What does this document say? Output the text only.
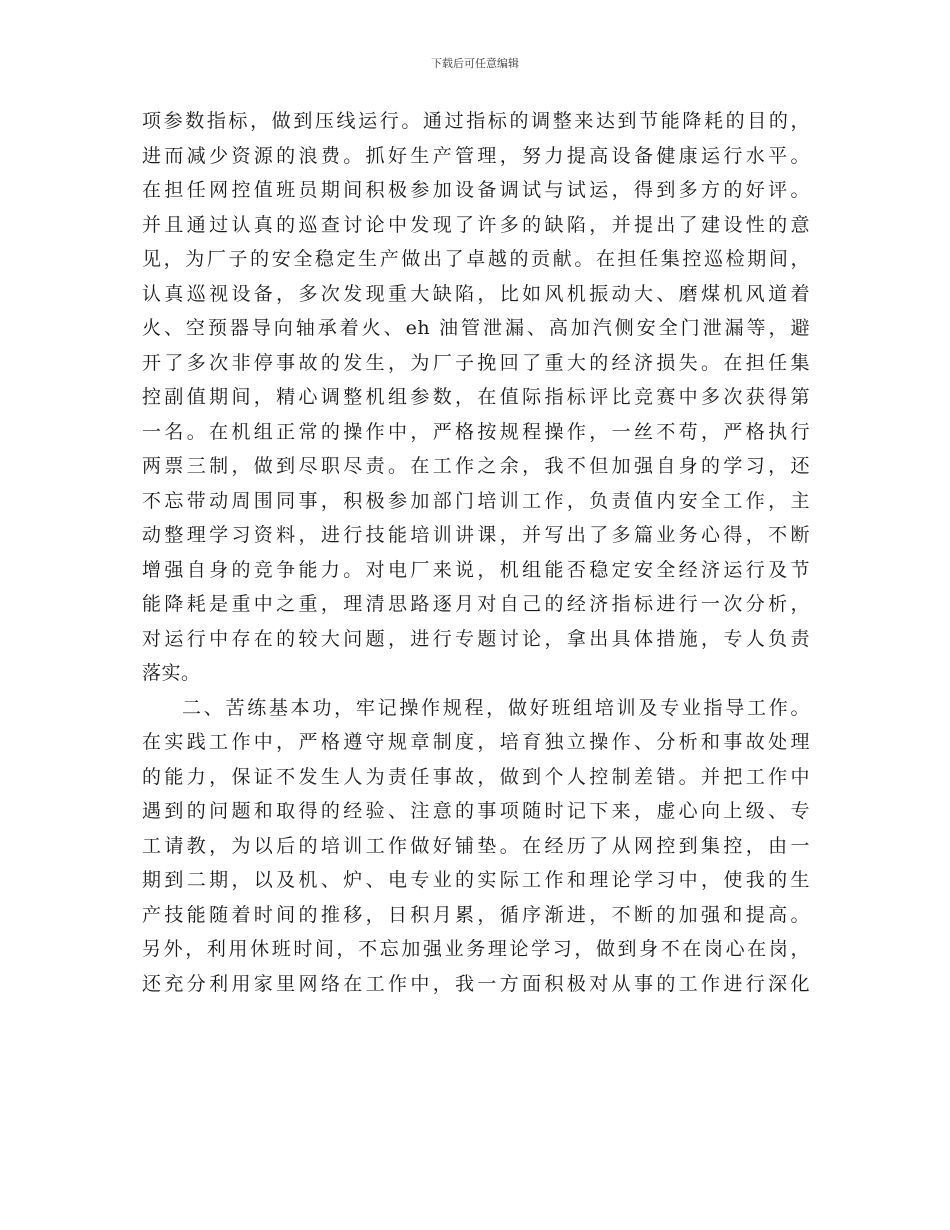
下载后可任意编辑
项参数指标，做到压线运行。通过指标的调整来达到节能降耗的目的，
进而减少资源的浪费。抓好生产管理，努力提高设备健康运行水平。
在担任网控值班员期间积极参加设备调试与试运，得到多方的好评。
并且通过认真的巡查讨论中发现了许多的缺陷，并提出了建设性的意
见，为厂子的安全稳定生产做出了卓越的贡献。在担任集控巡检期间，
认真巡视设备，多次发现重大缺陷，比如风机振动大、磨煤机风道着
火、空预器导向轴承着火、eh 油管泄漏、高加汽侧安全门泄漏等，避
开了多次非停事故的发生，为厂子挽回了重大的经济损失。在担任集
控副值期间，精心调整机组参数，在值际指标评比竞赛中多次获得第
一名。在机组正常的操作中，严格按规程操作，一丝不苟，严格执行
两票三制，做到尽职尽责。在工作之余，我不但加强自身的学习，还
不忘带动周围同事，积极参加部门培训工作，负责值内安全工作，主
动整理学习资料，进行技能培训讲课，并写出了多篇业务心得，不断
增强自身的竞争能力。对电厂来说，机组能否稳定安全经济运行及节
能降耗是重中之重，理清思路逐月对自己的经济指标进行一次分析，
对运行中存在的较大问题，进行专题讨论，拿出具体措施，专人负责
落实。
二、苦练基本功，牢记操作规程，做好班组培训及专业指导工作。
在实践工作中，严格遵守规章制度，培育独立操作、分析和事故处理
的能力，保证不发生人为责任事故，做到个人控制差错。并把工作中
遇到的问题和取得的经验、注意的事项随时记下来，虚心向上级、专
工请教，为以后的培训工作做好铺垫。在经历了从网控到集控，由一
期到二期，以及机、炉、电专业的实际工作和理论学习中，使我的生
产技能随着时间的推移，日积月累，循序渐进，不断的加强和提高。
另外，利用休班时间，不忘加强业务理论学习，做到身不在岗心在岗，
还充分利用家里网络在工作中，我一方面积极对从事的工作进行深化
